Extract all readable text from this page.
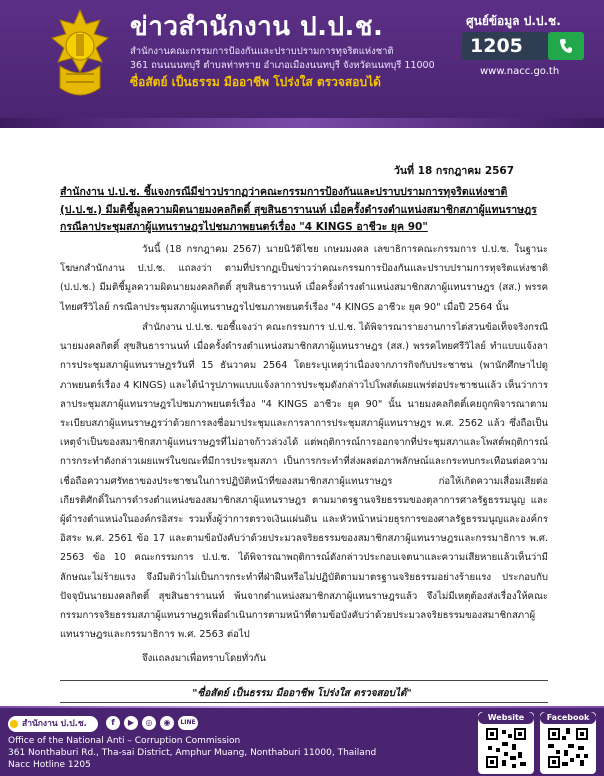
ข่าวสำนักงาน ป.ป.ช.
สำนักงานคณะกรรมการป้องกันและปราบปรามการทุจริตแห่งชาติ
361 ถนนนนทบุรี ตำบลท่าทราย อำเภอเมืองนนทบุรี จังหวัดนนทบุรี 11000
ซื่อสัตย์ เป็นธรรม มืออาชีพ โปร่งใส ตรวจสอบได้
ศูนย์ข้อมูล ป.ป.ช.
1205
www.nacc.go.th
วันที่ 18 กรกฎาคม 2567
สำนักงาน ป.ป.ช. ชี้แจงกรณีมีข่าวปรากฏว่าคณะกรรมการป้องกันและปราบปรามการทุจริตแห่งชาติ (ป.ป.ช.) มีมติชี้มูลความผิดนายมงคลกิตติ์ สุขสินธารานนท์ เมื่อครั้งดำรงตำแหน่งสมาชิกสภาผู้แทนราษฎร กรณีลาประชุมสภาผู้แทนราษฎรไปชมภาพยนตร์เรื่อง "4 KINGS อาชีวะ ยุค 90"
วันนี้ (18 กรกฎาคม 2567) นายนิวัติไชย เกษมมงคล เลขาธิการคณะกรรมการ ป.ป.ช. ในฐานะโฆษกสำนักงาน ป.ป.ช. แถลงว่า ตามที่ปรากฏเป็นข่าวว่าคณะกรรมการป้องกันและปราบปรามการทุจริตแห่งชาติ (ป.ป.ช.) มีมติชี้มูลความผิดนายมงคลกิตติ์ สุขสินธารานนท์ เมื่อครั้งดำรงตำแหน่งสมาชิกสภาผู้แทนราษฎร (สส.) พรรคไทยศรีวิไลย์ กรณีลาประชุมสภาผู้แทนราษฎรไปชมภาพยนตร์เรื่อง "4 KINGS อาชีวะ ยุค 90" เมื่อปี 2564 นั้น
สำนักงาน ป.ป.ช. ขอชี้แจงว่า คณะกรรมการ ป.ป.ช. ได้พิจารณารายงานการไต่สวนข้อเท็จจริงกรณีนายมงคลกิตติ์ สุขสินธารานนท์ เมื่อครั้งดำรงตำแหน่งสมาชิกสภาผู้แทนราษฎร (สส.) พรรคไทยศรีวิไลย์ ทำแบบแจ้งลาการประชุมสภาผู้แทนราษฎรวันที่ 15 ธันวาคม 2564 โดยระบุเหตุว่าเนื่องจากภารกิจกับประชาชน (พานักศึกษาไปดูภาพยนตร์เรื่อง 4 KINGS) และได้นำรูปภาพแบบแจ้งลาการประชุมดังกล่าวไปโพสต์เผยแพร่ต่อประชาชนแล้ว เห็นว่าการลาประชุมสภาผู้แทนราษฎรไปชมภาพยนตร์เรื่อง "4 KINGS อาชีวะ ยุค 90" นั้น นายมงคลกิตติ์เคยถูกพิจารณาตามระเบียบสภาผู้แทนราษฎรว่าด้วยการลงชื่อมาประชุมและการลาการประชุมสภาผู้แทนราษฎร พ.ศ. 2562 แล้ว ซึ่งถือเป็นเหตุจำเป็นของสมาชิกสภาผู้แทนราษฎรที่ไม่อาจก้าวล่วงได้ แต่พฤติการณ์การออกจากที่ประชุมสภาและโพสต์พฤติการณ์การกระทำดังกล่าวเผยแพร่ในขณะที่มีการประชุมสภา เป็นการกระทำที่ส่งผลต่อภาพลักษณ์และกระทบกระเทือนต่อความเชื่อถือความศรัทธาของประชาชนในการปฏิบัติหน้าที่ของสมาชิกสภาผู้แทนราษฎร ก่อให้เกิดความเสื่อมเสียต่อเกียรติศักดิ์ในการดำรงตำแหน่งของสมาชิกสภาผู้แทนราษฎร ตามมาตรฐานจริยธรรมของตุลาการศาลรัฐธรรมนูญ และผู้ดำรงตำแหน่งในองค์กรอิสระ รวมทั้งผู้ว่าการตรวจเงินแผ่นดิน และหัวหน้าหน่วยธุรการของศาลรัฐธรรมนูญและองค์กรอิสระ พ.ศ. 2561 ข้อ 17 และตามข้อบังคับว่าด้วยประมวลจริยธรรมของสมาชิกสภาผู้แทนราษฎรและกรรมาธิการ พ.ศ. 2563 ข้อ 10 คณะกรรมการ ป.ป.ช. ได้พิจารณาพฤติการณ์ดังกล่าวประกอบเจตนาและความเสียหายแล้วเห็นว่ามีลักษณะไม่ร้ายแรง จึงมีมติว่าไม่เป็นการกระทำที่ฝ่าฝืนหรือไม่ปฏิบัติตามมาตรฐานจริยธรรมอย่างร้ายแรง ประกอบกับปัจจุบันนายมงคลกิตติ์ สุขสินธารานนท์ พ้นจากตำแหน่งสมาชิกสภาผู้แทนราษฎรแล้ว จึงไม่มีเหตุต้องส่งเรื่องให้คณะกรรมการจริยธรรมสภาผู้แทนราษฎรเพื่อดำเนินการตามหน้าที่ตามข้อบังคับว่าด้วยประมวลจริยธรรมของสมาชิกสภาผู้แทนราษฎรและกรรมาธิการ พ.ศ. 2563 ต่อไป
จึงแถลงมาเพื่อทราบโดยทั่วกัน
"ซื่อสัตย์ เป็นธรรม มืออาชีพ โปร่งใส ตรวจสอบได้"
สำนักงาน ป.ป.ช.	f	▶	◎	◉	LINE
Office of the National Anti – Corruption Commission
361 Nonthaburi Rd., Tha-sai District, Amphur Muang, Nonthaburi 11000, Thailand
Nacc Hotline 1205
Website	Facebook
